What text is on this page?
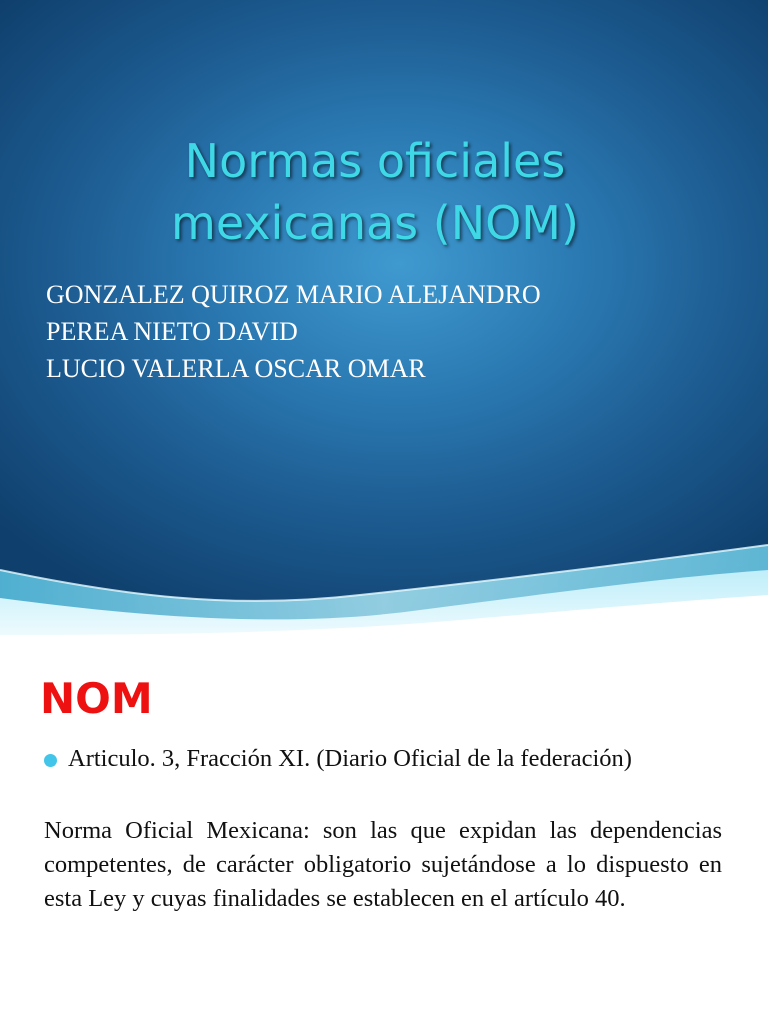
Normas oficiales
mexicanas (NOM)
GONZALEZ QUIROZ MARIO ALEJANDRO
PEREA NIETO DAVID
LUCIO VALERLA OSCAR OMAR
NOM

Articulo. 3, Fracción XI. (Diario Oficial de la federación)

Norma Oficial Mexicana: son las que expidan las dependencias competentes, de carácter obligatorio sujetándose a lo dispuesto en esta Ley y cuyas finalidades se establecen en el artículo 40.
